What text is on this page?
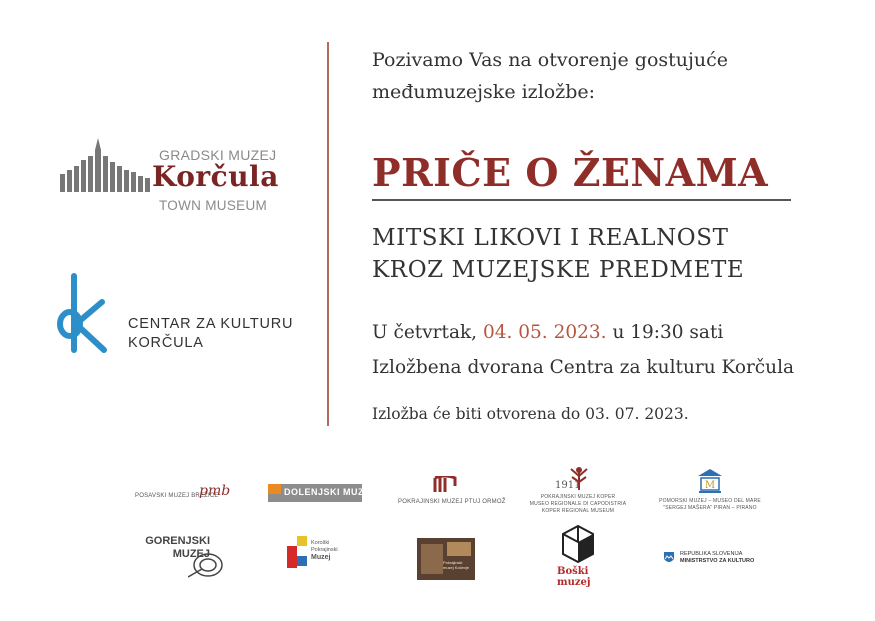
GRADSKI MUZEJ
Korčula
TOWN MUSEUM
CENTAR ZA KULTURU
KORČULA
Pozivamo Vas na otvorenje gostujuće
međumuzejske izložbe:
PRIČE O ŽENAMA
MITSKI LIKOVI I REALNOST
KROZ MUZEJSKE PREDMETE
U četvrtak, 04. 05. 2023. u 19:30 sati
Izložbena dvorana Centra za kulturu Korčula
Izložba će biti otvorena do 03. 07. 2023.
POSAVSKI MUZEJ BREŽICE
pmb	DOLENJSKI MUZEJ
POKRAJINSKI MUZEJ PTUJ ORMOŽ
1911
POKRAJINSKI MUZEJ KOPER
MUSEO REGIONALE DI CAPODISTRIA
KOPER REGIONAL MUSEUM
M
POMORSKI MUZEJ – MUSEO DEL MARE
"SERGEJ MAŠERA" PIRAN – PIRANO
GORENJSKI
MUZEJ
Koroški
Pokrajinski
Muzej
Pokrajinski muzej Kočevje	Boški
muzej
REPUBLIKA SLOVENIJA
MINISTRSTVO ZA KULTURO
